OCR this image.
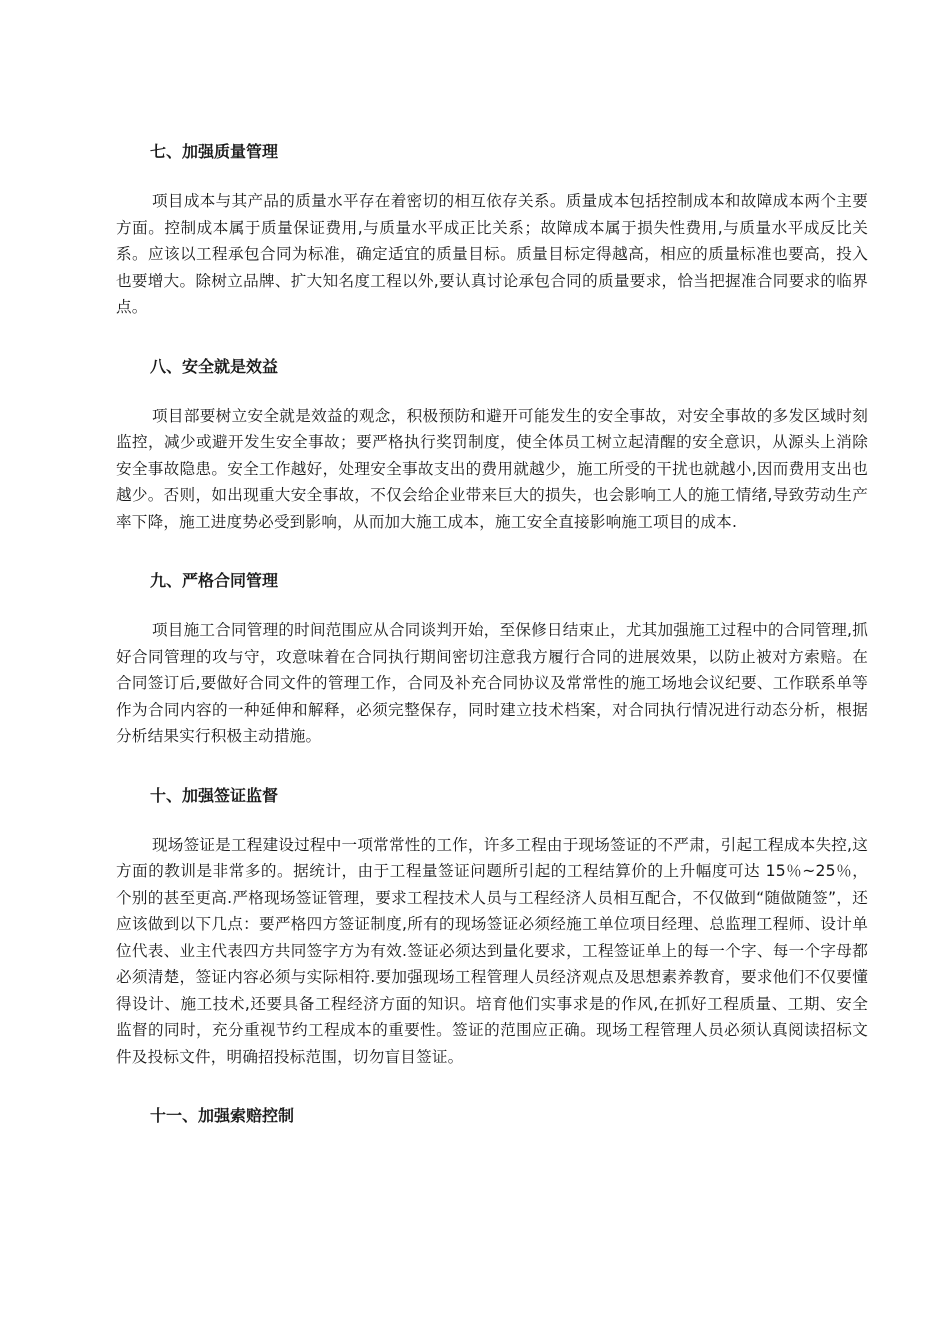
七、加强质量管理

项目成本与其产品的质量水平存在着密切的相互依存关系。质量成本包括控制成本和故障成本两个主要方面。控制成本属于质量保证费用,与质量水平成正比关系；故障成本属于损失性费用,与质量水平成反比关系。应该以工程承包合同为标准，确定适宜的质量目标。质量目标定得越高，相应的质量标准也要高，投入也要增大。除树立品牌、扩大知名度工程以外,要认真讨论承包合同的质量要求，恰当把握准合同要求的临界点。

八、安全就是效益

项目部要树立安全就是效益的观念，积极预防和避开可能发生的安全事故，对安全事故的多发区域时刻监控，减少或避开发生安全事故；要严格执行奖罚制度，使全体员工树立起清醒的安全意识，从源头上消除安全事故隐患。安全工作越好，处理安全事故支出的费用就越少，施工所受的干扰也就越小,因而费用支出也越少。否则，如出现重大安全事故，不仅会给企业带来巨大的损失，也会影响工人的施工情绪,导致劳动生产率下降，施工进度势必受到影响，从而加大施工成本，施工安全直接影响施工项目的成本.

九、严格合同管理

项目施工合同管理的时间范围应从合同谈判开始，至保修日结束止，尤其加强施工过程中的合同管理,抓好合同管理的攻与守，攻意味着在合同执行期间密切注意我方履行合同的进展效果，以防止被对方索赔。在合同签订后,要做好合同文件的管理工作，合同及补充合同协议及常常性的施工场地会议纪要、工作联系单等作为合同内容的一种延伸和解释，必须完整保存，同时建立技术档案，对合同执行情况进行动态分析，根据分析结果实行积极主动措施。

十、加强签证监督

现场签证是工程建设过程中一项常常性的工作，许多工程由于现场签证的不严肃，引起工程成本失控,这方面的教训是非常多的。据统计，由于工程量签证问题所引起的工程结算价的上升幅度可达 15％~25％，个别的甚至更高.严格现场签证管理，要求工程技术人员与工程经济人员相互配合，不仅做到“随做随签”，还应该做到以下几点：要严格四方签证制度,所有的现场签证必须经施工单位项目经理、总监理工程师、设计单位代表、业主代表四方共同签字方为有效.签证必须达到量化要求，工程签证单上的每一个字、每一个字母都必须清楚，签证内容必须与实际相符.要加强现场工程管理人员经济观点及思想素养教育，要求他们不仅要懂得设计、施工技术,还要具备工程经济方面的知识。培育他们实事求是的作风,在抓好工程质量、工期、安全监督的同时，充分重视节约工程成本的重要性。签证的范围应正确。现场工程管理人员必须认真阅读招标文件及投标文件，明确招投标范围，切勿盲目签证。

十一、加强索赔控制
